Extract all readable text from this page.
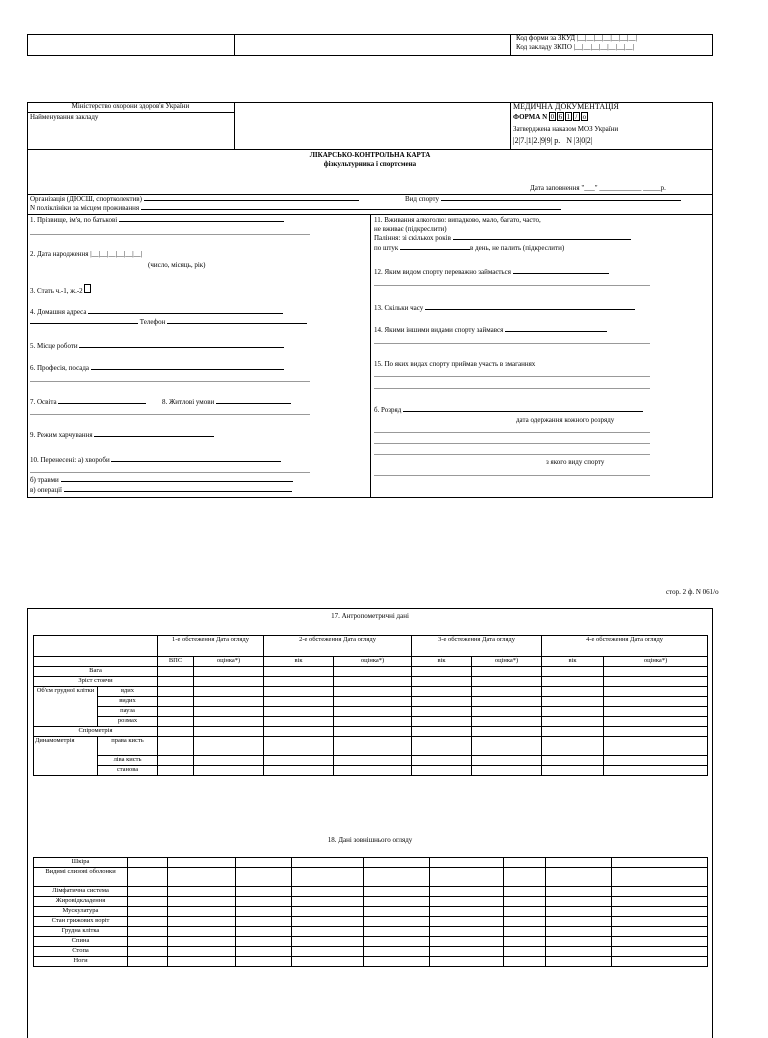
Код форми за ЗКУД |__|__|__|__|__|__|__|
Код закладу ЗКПО |__|__|__|__|__|__|__|
Міністерство охорони здоров'я України
Найменування закладу
МЕДИЧНА ДОКУМЕНТАЦІЯ
ФОРМА N 0 6 1 / о
Затверджена наказом МОЗ України
|2|7.|1|2.|9|9| р. N |3|0|2|
ЛІКАРСЬКО-КОНТРОЛЬНА КАРТА
фізкультурника і спортсмена
Дата заповнення "___" ____________ _____р.
Організація (ДЮСШ, спортколектив)	Вид спорту
N поліклініки за місцем проживання
1. Прізвище, ім'я, по батькові
2. Дата народження |__|__|__|__|__|__|
(число, місяць, рік)
3. Стать ч.-1, ж.-2
4. Домашня адреса
Телефон
5. Місце роботи
6. Професія, посада
7. Освіта	8. Житлові умови
9. Режим харчування
10. Перенесені: а) хвороби
б) травми
в) операції
11. Вживання алкоголю: випадково, мало, багато, часто,
не вживає (підкреслити)
Паління: зі скількох років
по штук	в день, не палить (підкреслити)
12. Яким видом спорту переважно займається
13. Скільки часу
14. Якими іншими видами спорту займався
15. По яких видах спорту приймав участь в змаганнях
б. Розряд
дата одержання кожного розряду
з якого виду спорту
стор. 2 ф. N 061/о
17. Антропометричні дані
		1-е обстеження Дата огляду		2-е обстеження Дата огляду		3-е обстеження Дата огляду		4-е обстеження Дата огляду	
		ВПС	оцінка*)	вік	оцінка*)	вік	оцінка*)	вік	оцінка*)
Вага									
Зріст стоячи									
Об'єм грудної клітки	вдих								
	видих								
	пауза								
	розмах								
Спірометрія									
Динамометрія	права кисть								
	ліва кисть								
	станова								
18. Дані зовнішнього огляду
Шкіра									
Видимі слизові оболонки									
Лімфатична система									
Жировідкладення									
Мускулатура									
Стан грижових воріт									
Грудна клітка									
Спина									
Стопа									
Ноги									
